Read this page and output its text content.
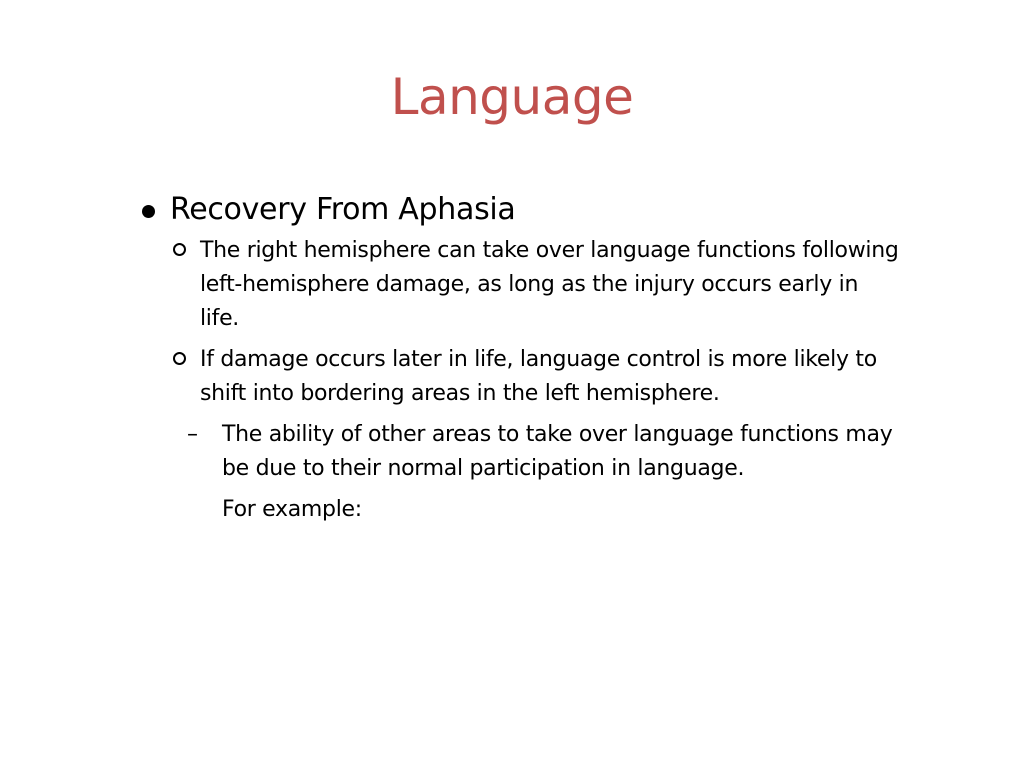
Language
Recovery From Aphasia
The right hemisphere can take over language functions following left-hemisphere damage, as long as the injury occurs early in life.
If damage occurs later in life, language control is more likely to shift into bordering areas in the left hemisphere.
– The ability of other areas to take over language functions may be due to their normal participation in language.
For example:
